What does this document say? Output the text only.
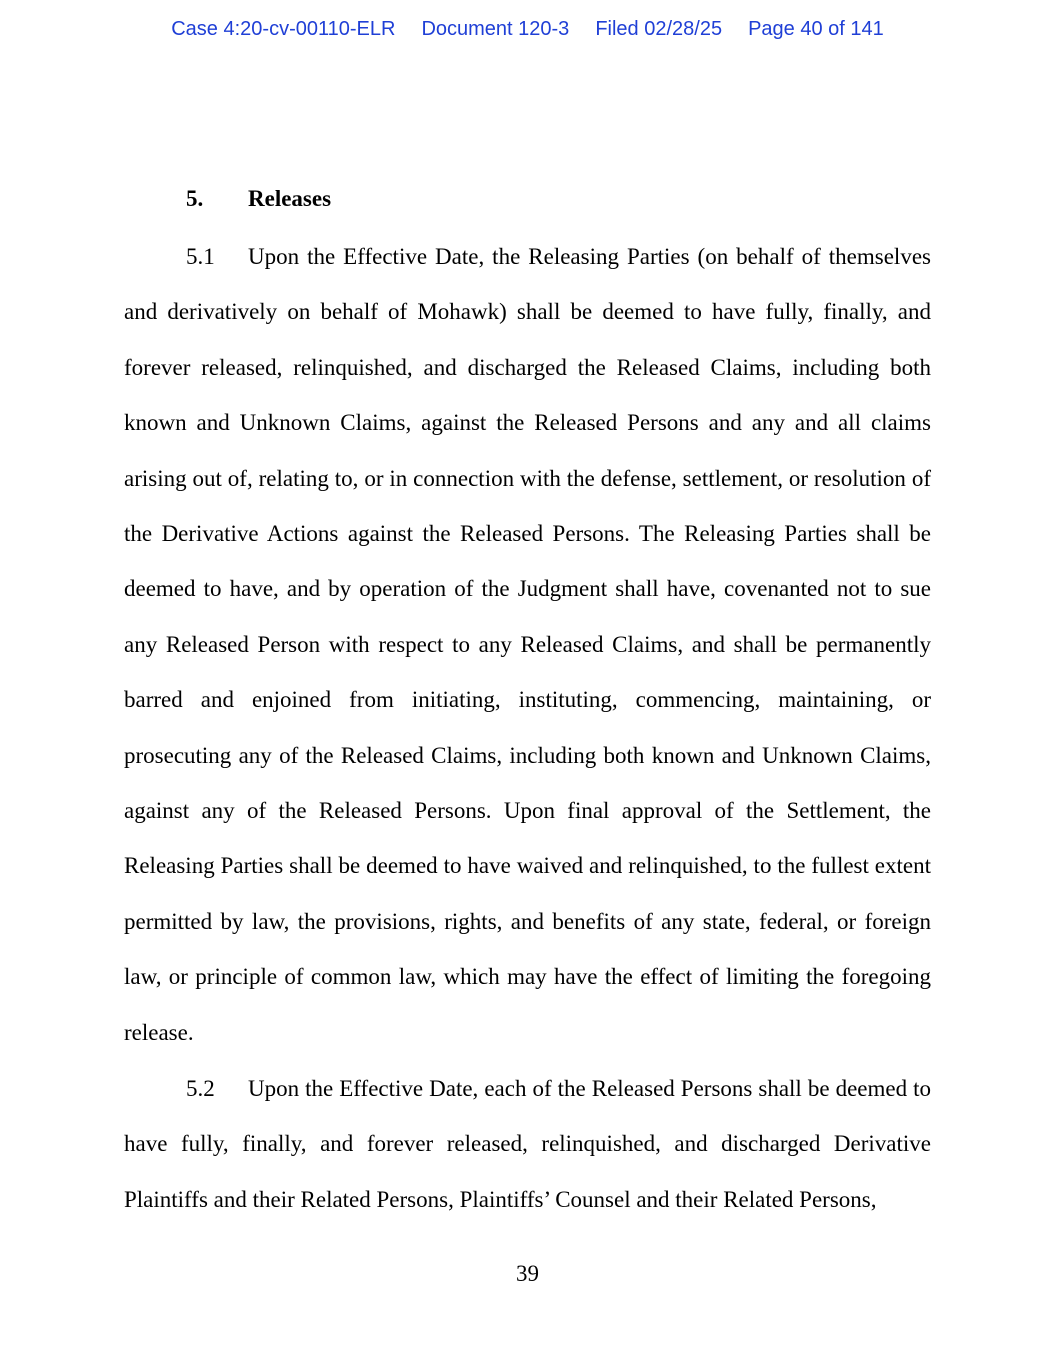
Case 4:20-cv-00110-ELR Document 120-3 Filed 02/28/25 Page 40 of 141
5. Releases

5.1 Upon the Effective Date, the Releasing Parties (on behalf of themselves and derivatively on behalf of Mohawk) shall be deemed to have fully, finally, and forever released, relinquished, and discharged the Released Claims, including both known and Unknown Claims, against the Released Persons and any and all claims arising out of, relating to, or in connection with the defense, settlement, or resolution of the Derivative Actions against the Released Persons. The Releasing Parties shall be deemed to have, and by operation of the Judgment shall have, covenanted not to sue any Released Person with respect to any Released Claims, and shall be permanently barred and enjoined from initiating, instituting, commencing, maintaining, or prosecuting any of the Released Claims, including both known and Unknown Claims, against any of the Released Persons. Upon final approval of the Settlement, the Releasing Parties shall be deemed to have waived and relinquished, to the fullest extent permitted by law, the provisions, rights, and benefits of any state, federal, or foreign law, or principle of common law, which may have the effect of limiting the foregoing release.

5.2 Upon the Effective Date, each of the Released Persons shall be deemed to have fully, finally, and forever released, relinquished, and discharged Derivative Plaintiffs and their Related Persons, Plaintiffs’ Counsel and their Related Persons,

39
